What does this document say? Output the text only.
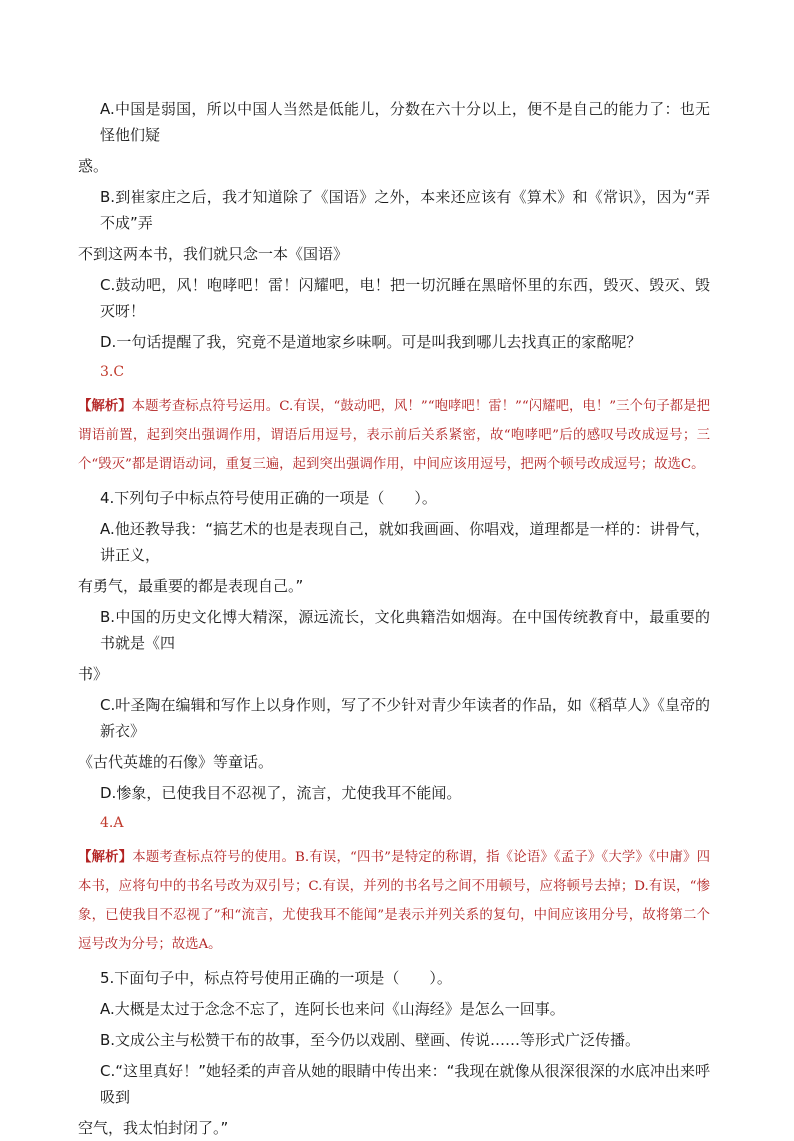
A.中国是弱国，所以中国人当然是低能儿，分数在六十分以上，便不是自己的能力了：也无怪他们疑
惑。
B.到崔家庄之后，我才知道除了《国语》之外，本来还应该有《算术》和《常识》，因为“弄不成”弄
不到这两本书，我们就只念一本《国语》
C.鼓动吧，风！咆哮吧！雷！闪耀吧，电！把一切沉睡在黑暗怀里的东西，毁灭、毁灭、毁灭呀！
D.一句话提醒了我，究竟不是道地家乡味啊。可是叫我到哪儿去找真正的家酩呢？
3.C
【解析】本题考查标点符号运用。C.有误，“鼓动吧，风！”“咆哮吧！雷！”“闪耀吧，电！”三个句子都是把谓语前置，起到突出强调作用，谓语后用逗号，表示前后关系紧密，故“咆哮吧”后的感叹号改成逗号；三个“毁灭”都是谓语动词，重复三遍，起到突出强调作用，中间应该用逗号，把两个顿号改成逗号；故选C。
4.下列句子中标点符号使用正确的一项是（　　）。
A.他还教导我：“搞艺术的也是表现自己，就如我画画、你唱戏，道理都是一样的：讲骨气，讲正义，
有勇气，最重要的都是表现自己。”
B.中国的历史文化博大精深，源远流长，文化典籍浩如烟海。在中国传统教育中，最重要的书就是《四
书》
C.叶圣陶在编辑和写作上以身作则，写了不少针对青少年读者的作品，如《稻草人》《皇帝的新衣》
《古代英雄的石像》等童话。
D.惨象，已使我目不忍视了，流言，尤使我耳不能闻。
4.A
【解析】本题考查标点符号的使用。B.有误，“四书”是特定的称谓，指《论语》《孟子》《大学》《中庸》四本书，应将句中的书名号改为双引号；C.有误，并列的书名号之间不用顿号，应将顿号去掉；D.有误，“惨象，已使我目不忍视了”和“流言，尤使我耳不能闻”是表示并列关系的复句，中间应该用分号，故将第二个逗号改为分号；故选A。
5.下面句子中，标点符号使用正确的一项是（　　）。
A.大概是太过于念念不忘了，连阿长也来问《山海经》是怎么一回事。
B.文成公主与松赞干布的故事，至今仍以戏剧、壁画、传说……等形式广泛传播。
C.“这里真好！”她轻柔的声音从她的眼睛中传出来：“我现在就像从很深很深的水底冲出来呼吸到
空气，我太怕封闭了。”
